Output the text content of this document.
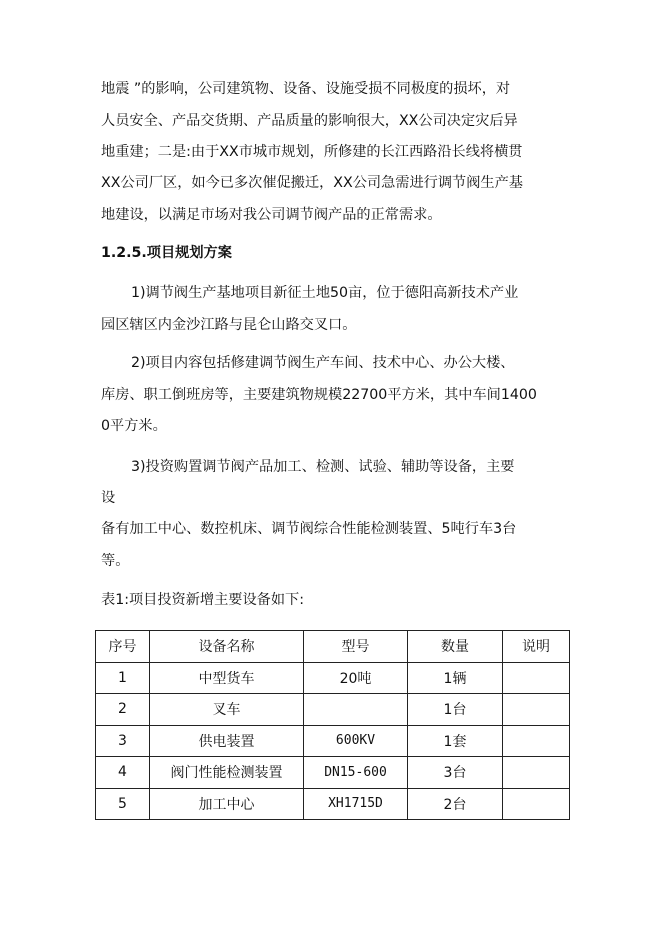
地震 ”的影响，公司建筑物、设备、设施受损不同极度的损坏，对
人员安全、产品交货期、产品质量的影响很大，XX公司决定灾后异
地重建；二是:由于XX市城市规划，所修建的长江西路沿长线将横贯
XX公司厂区，如今已多次催促搬迁，XX公司急需进行调节阀生产基
地建设，以满足市场对我公司调节阀产品的正常需求。
1.2.5.项目规划方案
1)调节阀生产基地项目新征土地50亩，位于德阳高新技术产业
园区辖区内金沙江路与昆仑山路交叉口。
2)项目内容包括修建调节阀生产车间、技术中心、办公大楼、
库房、职工倒班房等，主要建筑物规模22700平方米，其中车间1400
0平方米。
3)投资购置调节阀产品加工、检测、试验、辅助等设备，主要
设
备有加工中心、数控机床、调节阀综合性能检测装置、5吨行车3台
等。
表1:项目投资新增主要设备如下:
序号	设备名称	型号	数量	说明
1	中型货车	20吨	1辆	
2	叉车		1台	
3	供电装置	600KV	1套	
4	阀门性能检测装置	DN15-600	3台	
5	加工中心	XH1715D	2台	
